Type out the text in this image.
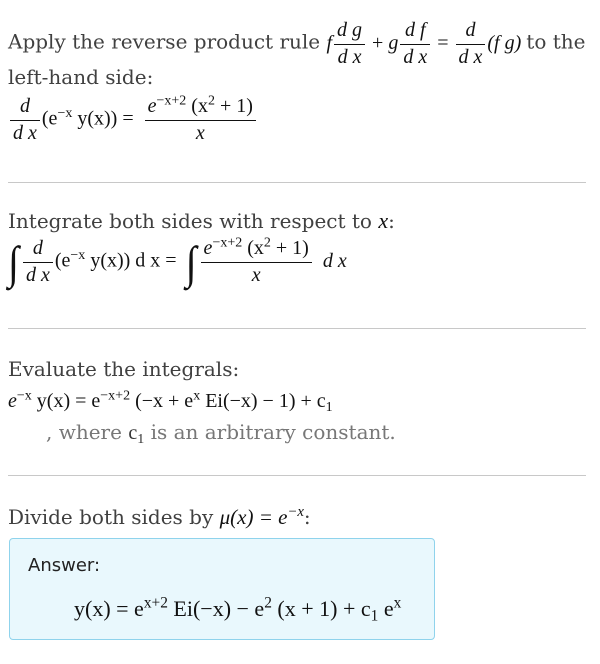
Apply the reverse product rule f $\frac{\text{d g}}{\text{d x}} + g \frac{\text{d f}}{\text{d x}} = \frac{d}{\text{d x}} (f$ g) to the
left-hand side:
$\frac{d}{\text{d x}} (e^{-x}$ $y(x)) = \frac{e^{-x+2} (x^2 + 1)}{x}$
Integrate both sides with respect to x:
∫ $\frac{d}{\text{d x}} (e^{-x}$ y(x)) d x = ∫ $\frac{e^{-x+2} (x^2 + 1)}{x}$ d x
Evaluate the integrals:
$e^{-x}$ $y(x) = e^{-x+2}$ ($-x + e^x$ $Ei(-x) - 1) + c_1$
, where $c_1$ is an arbitrary constant.
Divide both sides by $\mu(x) = e^{-x}$:
Answer:
$y(x) = e^{x+2}$ $Ei(-x) - e^2$ $(x + 1) + c_1$ $e^x$
